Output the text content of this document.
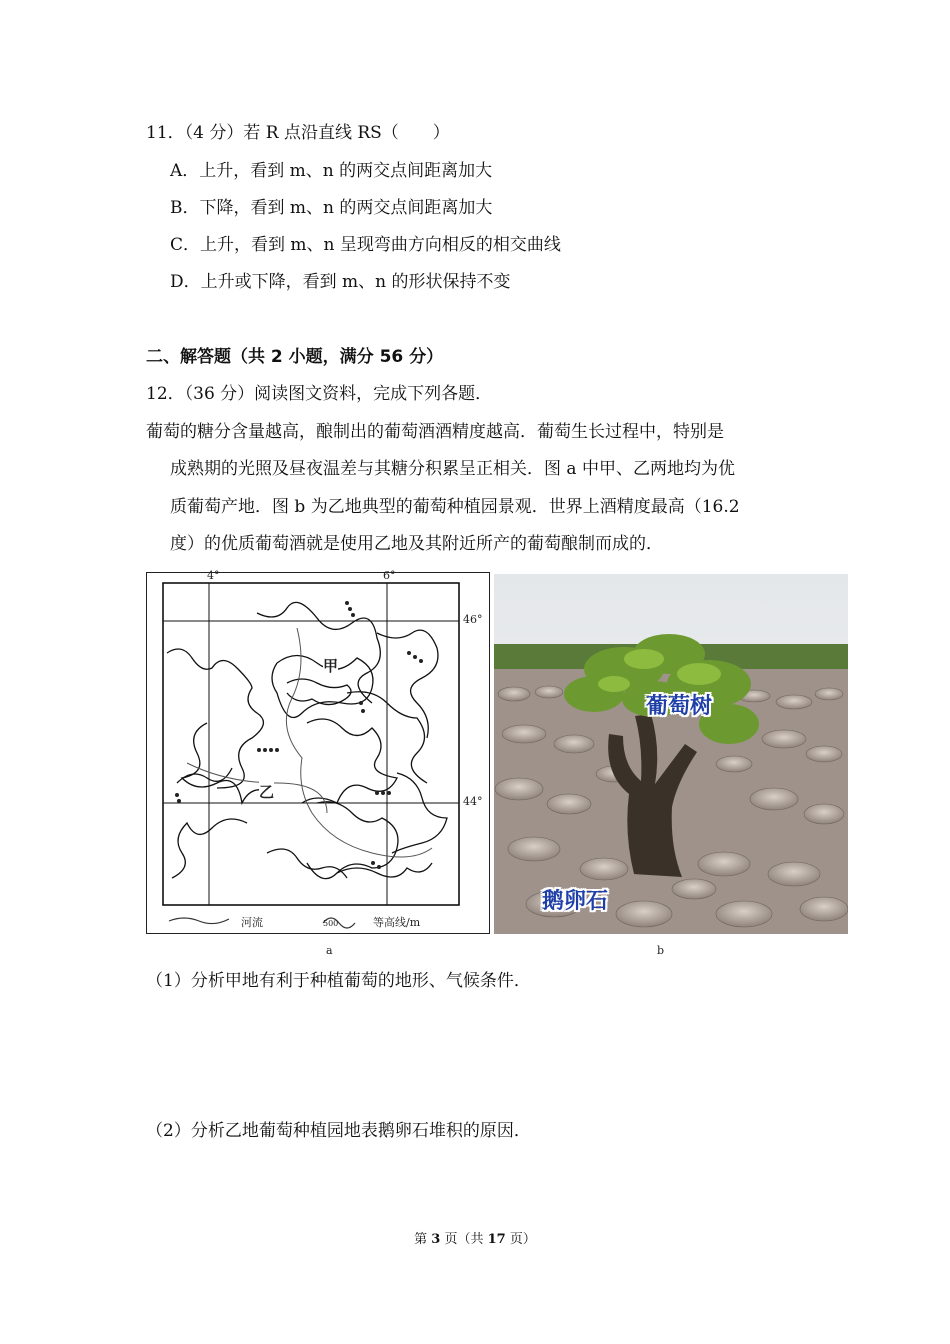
11．（4 分）若 R 点沿直线 RS（　　）
A．上升，看到 m、n 的两交点间距离加大
B．下降，看到 m、n 的两交点间距离加大
C．上升，看到 m、n 呈现弯曲方向相反的相交曲线
D．上升或下降，看到 m、n 的形状保持不变
二、解答题（共 2 小题，满分 56 分）
12．（36 分）阅读图文资料，完成下列各题．
葡萄的糖分含量越高，酿制出的葡萄酒酒精度越高．葡萄生长过程中，特别是
成熟期的光照及昼夜温差与其糖分积累呈正相关．图 a 中甲、乙两地均为优
质葡萄产地．图 b 为乙地典型的葡萄种植园景观．世界上酒精度最高（16.2
度）的优质葡萄酒就是使用乙地及其附近所产的葡萄酿制而成的．
4°	6°
46°
44°
甲
乙
河流	500	等高线/m
a
葡萄树
鹅卵石
b
（1）分析甲地有利于种植葡萄的地形、气候条件．
（2）分析乙地葡萄种植园地表鹅卵石堆积的原因．
第 3 页（共 17 页）
